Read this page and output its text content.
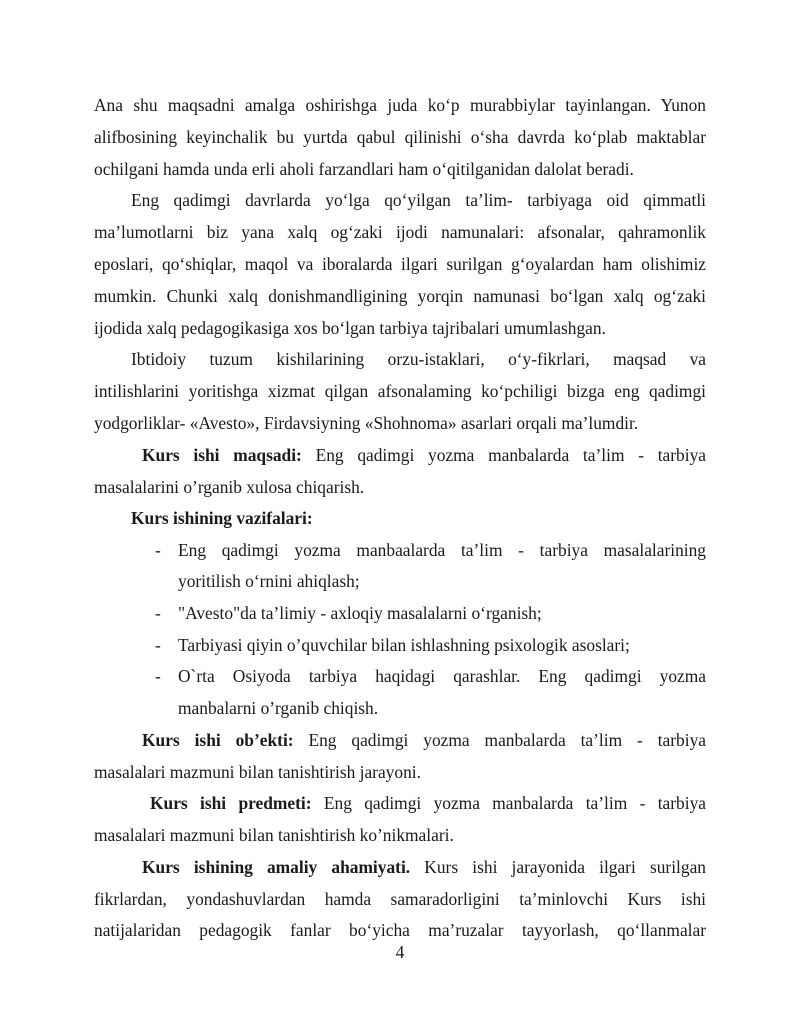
Ana shu maqsadni amalga oshirishga juda ko‘p murabbiylar tayinlangan. Yunon
alifbosining keyinchalik bu yurtda qabul qilinishi o‘sha davrda ko‘plab maktablar
ochilgani hamda unda erli aholi farzandlari ham o‘qitilganidan dalolat beradi.
Eng qadimgi davrlarda yo‘lga qo‘yilgan ta’lim- tarbiyaga oid qimmatli
ma’lumotlarni biz yana xalq og‘zaki ijodi namunalari: afsonalar, qahramonlik
eposlari, qo‘shiqlar, maqol va iboralarda ilgari surilgan g‘oyalardan ham olishimiz
mumkin. Chunki xalq donishmandligining yorqin namunasi bo‘lgan xalq og‘zaki
ijodida xalq pedagogikasiga xos bo‘lgan tarbiya tajribalari umumlashgan.
Ibtidoiy tuzum kishilarining orzu-istaklari, o‘y-fikrlari, maqsad va
intilishlarini yoritishga xizmat qilgan afsonalaming ko‘pchiligi bizga eng qadimgi
yodgorliklar- «Avesto», Firdavsiyning «Shohnoma» asarlari orqali ma’lumdir.
Kurs ishi maqsadi: Eng qadimgi yozma manbalarda ta’lim - tarbiya
masalalarini o’rganib xulosa chiqarish.
Kurs ishining vazifalari:
- Eng qadimgi yozma manbaalarda ta’lim - tarbiya masalalarining
yoritilish o‘rnini ahiqlash;
- "Avesto"da ta’limiy - axloqiy masalalarni o‘rganish;
- Tarbiyasi qiyin o’quvchilar bilan ishlashning psixologik asoslari;
- O`rta Osiyoda tarbiya haqidagi qarashlar. Eng qadimgi yozma
manbalarni o’rganib chiqish.
Kurs ishi ob’ekti: Eng qadimgi yozma manbalarda ta’lim - tarbiya
masalalari mazmuni bilan tanishtirish jarayoni.
Kurs ishi predmeti: Eng qadimgi yozma manbalarda ta’lim - tarbiya
masalalari mazmuni bilan tanishtirish ko’nikmalari.
Kurs ishining amaliy ahamiyati. Kurs ishi jarayonida ilgari surilgan
fikrlardan, yondashuvlardan hamda samaradorligini ta’minlovchi Kurs ishi
natijalaridan pedagogik fanlar bo‘yicha ma’ruzalar tayyorlash, qo‘llanmalar
4
